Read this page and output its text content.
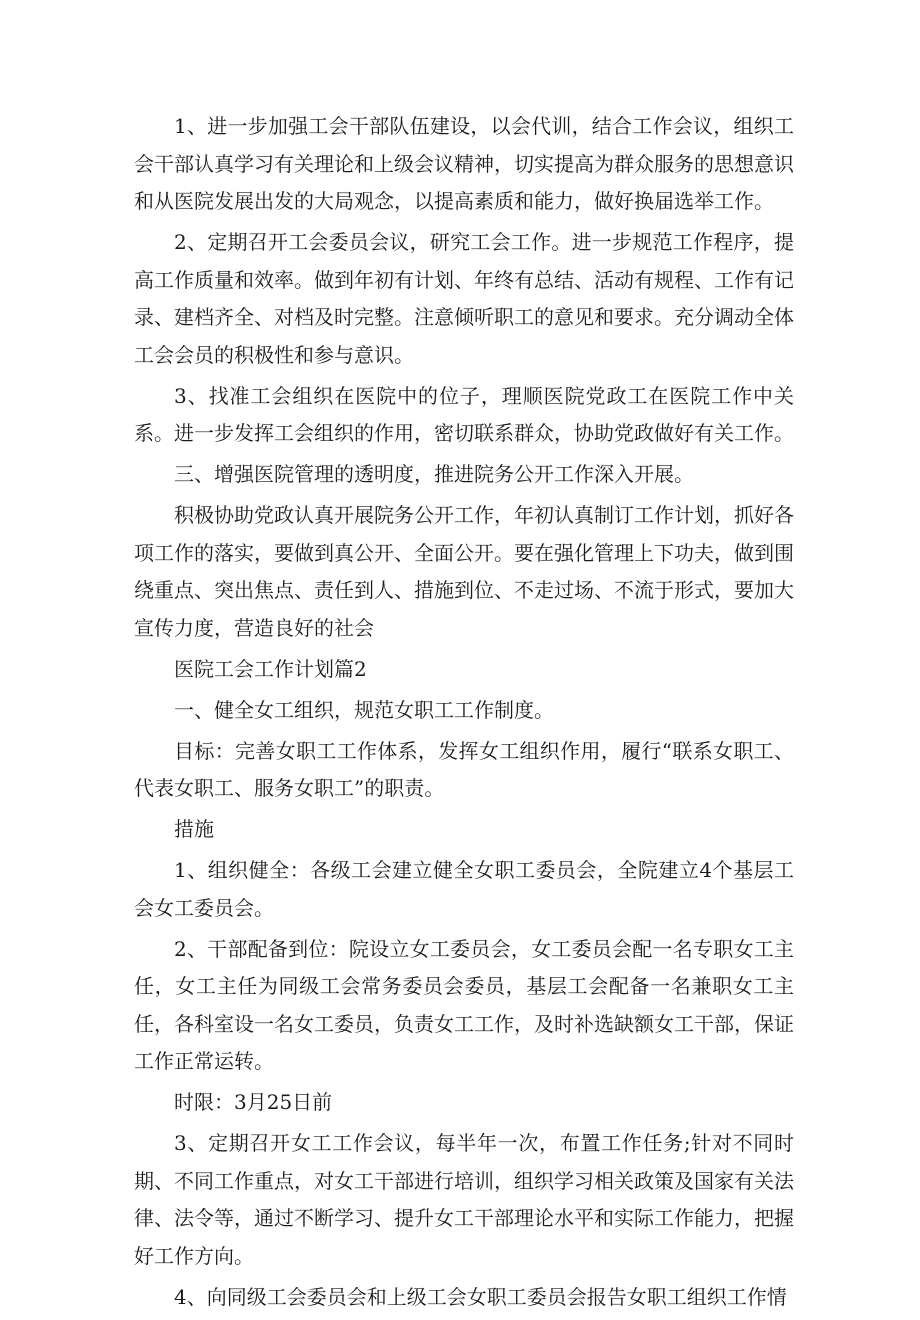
1、进一步加强工会干部队伍建设，以会代训，结合工作会议，组织工会干部认真学习有关理论和上级会议精神，切实提高为群众服务的思想意识和从医院发展出发的大局观念，以提高素质和能力，做好换届选举工作。

2、定期召开工会委员会议，研究工会工作。进一步规范工作程序，提高工作质量和效率。做到年初有计划、年终有总结、活动有规程、工作有记录、建档齐全、对档及时完整。注意倾听职工的意见和要求。充分调动全体工会会员的积极性和参与意识。

3、找准工会组织在医院中的位子，理顺医院党政工在医院工作中关系。进一步发挥工会组织的作用，密切联系群众，协助党政做好有关工作。

三、增强医院管理的透明度，推进院务公开工作深入开展。

积极协助党政认真开展院务公开工作，年初认真制订工作计划，抓好各项工作的落实，要做到真公开、全面公开。要在强化管理上下功夫，做到围绕重点、突出焦点、责任到人、措施到位、不走过场、不流于形式，要加大宣传力度，营造良好的社会

医院工会工作计划篇2

一、健全女工组织，规范女职工工作制度。

目标：完善女职工工作体系，发挥女工组织作用，履行“联系女职工、代表女职工、服务女职工”的职责。

措施

1、组织健全：各级工会建立健全女职工委员会，全院建立4个基层工会女工委员会。

2、干部配备到位：院设立女工委员会，女工委员会配一名专职女工主任，女工主任为同级工会常务委员会委员，基层工会配备一名兼职女工主任，各科室设一名女工委员，负责女工工作，及时补选缺额女工干部，保证工作正常运转。

时限：3月25日前

3、定期召开女工工作会议，每半年一次，布置工作任务;针对不同时期、不同工作重点，对女工干部进行培训，组织学习相关政策及国家有关法律、法令等，通过不断学习、提升女工干部理论水平和实际工作能力，把握好工作方向。

4、向同级工会委员会和上级工会女职工委员会报告女职工组织工作情
